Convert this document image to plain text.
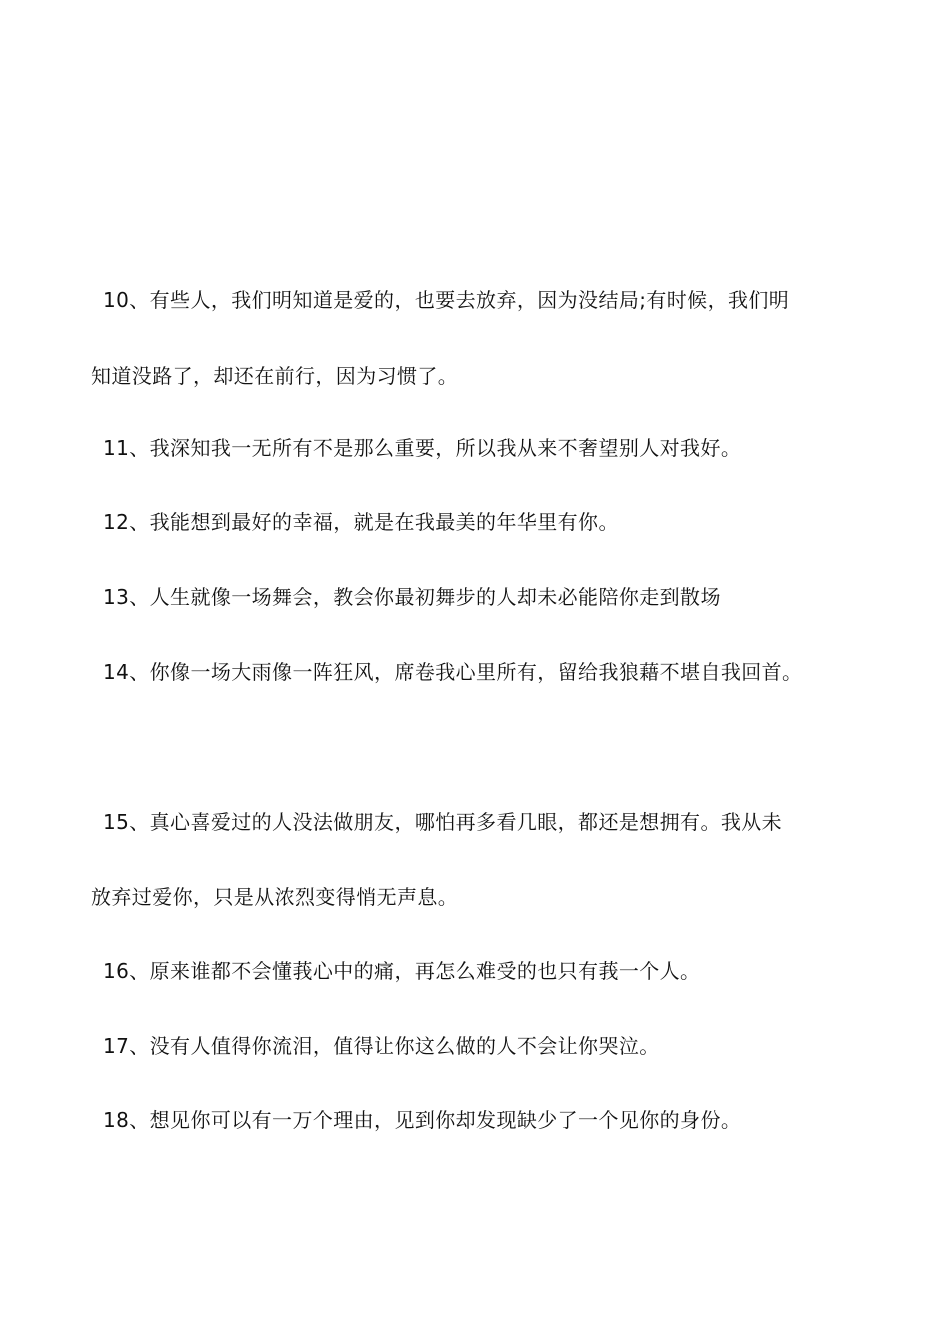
10、有些人，我们明知道是爱的，也要去放弃，因为没结局;有时候，我们明
知道没路了，却还在前行，因为习惯了。
11、我深知我一无所有不是那么重要，所以我从来不奢望别人对我好。
12、我能想到最好的幸福，就是在我最美的年华里有你。
13、人生就像一场舞会，教会你最初舞步的人却未必能陪你走到散场
14、你像一场大雨像一阵狂风，席卷我心里所有，留给我狼藉不堪自我回首。
15、真心喜爱过的人没法做朋友，哪怕再多看几眼，都还是想拥有。我从未
放弃过爱你，只是从浓烈变得悄无声息。
16、原来谁都不会懂莪心中的痛，再怎么难受的也只有莪一个人。
17、没有人值得你流泪，值得让你这么做的人不会让你哭泣。
18、想见你可以有一万个理由，见到你却发现缺少了一个见你的身份。
